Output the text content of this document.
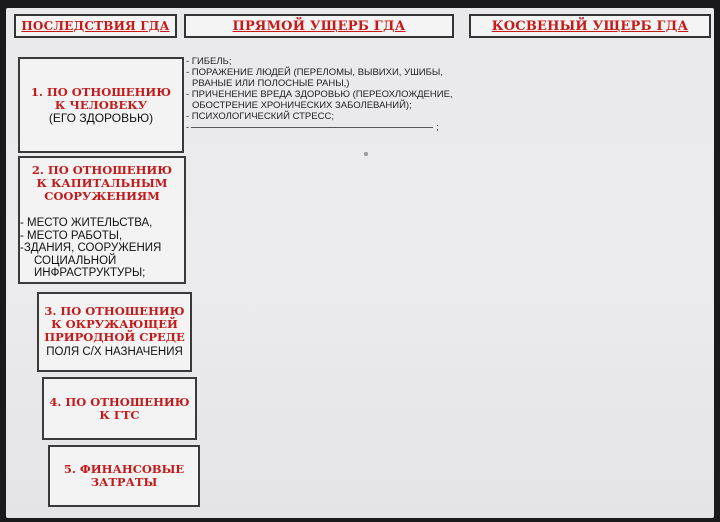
ПОСЛЕДСТВИЯ ГДА	ПРЯМОЙ УЩЕРБ ГДА	КОСВЕНЫЙ УЩЕРБ ГДА
1. ПО ОТНОШЕНИЮ
К ЧЕЛОВЕКУ
(ЕГО ЗДОРОВЬЮ)
2. ПО ОТНОШЕНИЮ
К КАПИТАЛЬНЫМ
СООРУЖЕНИЯМ
- МЕСТО ЖИТЕЛЬСТВА,
- МЕСТО РАБОТЫ,
-ЗДАНИЯ, СООРУЖЕНИЯ
СОЦИАЛЬНОЙ
ИНФРАСТРУКТУРЫ;
3. ПО ОТНОШЕНИЮ
К ОКРУЖАЮЩЕЙ
ПРИРОДНОЙ СРЕДЕ
ПОЛЯ С/Х НАЗНАЧЕНИЯ
4. ПО ОТНОШЕНИЮ
К ГТС
5. ФИНАНСОВЫЕ
ЗАТРАТЫ
- ГИБЕЛЬ;
- ПОРАЖЕНИЕ ЛЮДЕЙ (ПЕРЕЛОМЫ, ВЫВИХИ, УШИБЫ,
РВАНЫЕ ИЛИ ПОЛОСНЫЕ РАНЫ,)
- ПРИЧЕНЕНИЕ ВРЕДА ЗДОРОВЬЮ (ПЕРЕОХЛОЖДЕНИЕ,
ОБОСТРЕНИЕ ХРОНИЧЕСКИХ ЗАБОЛЕВАНИЙ);
- ПСИХОЛОГИЧЕСКИЙ СТРЕСС;
-	;
